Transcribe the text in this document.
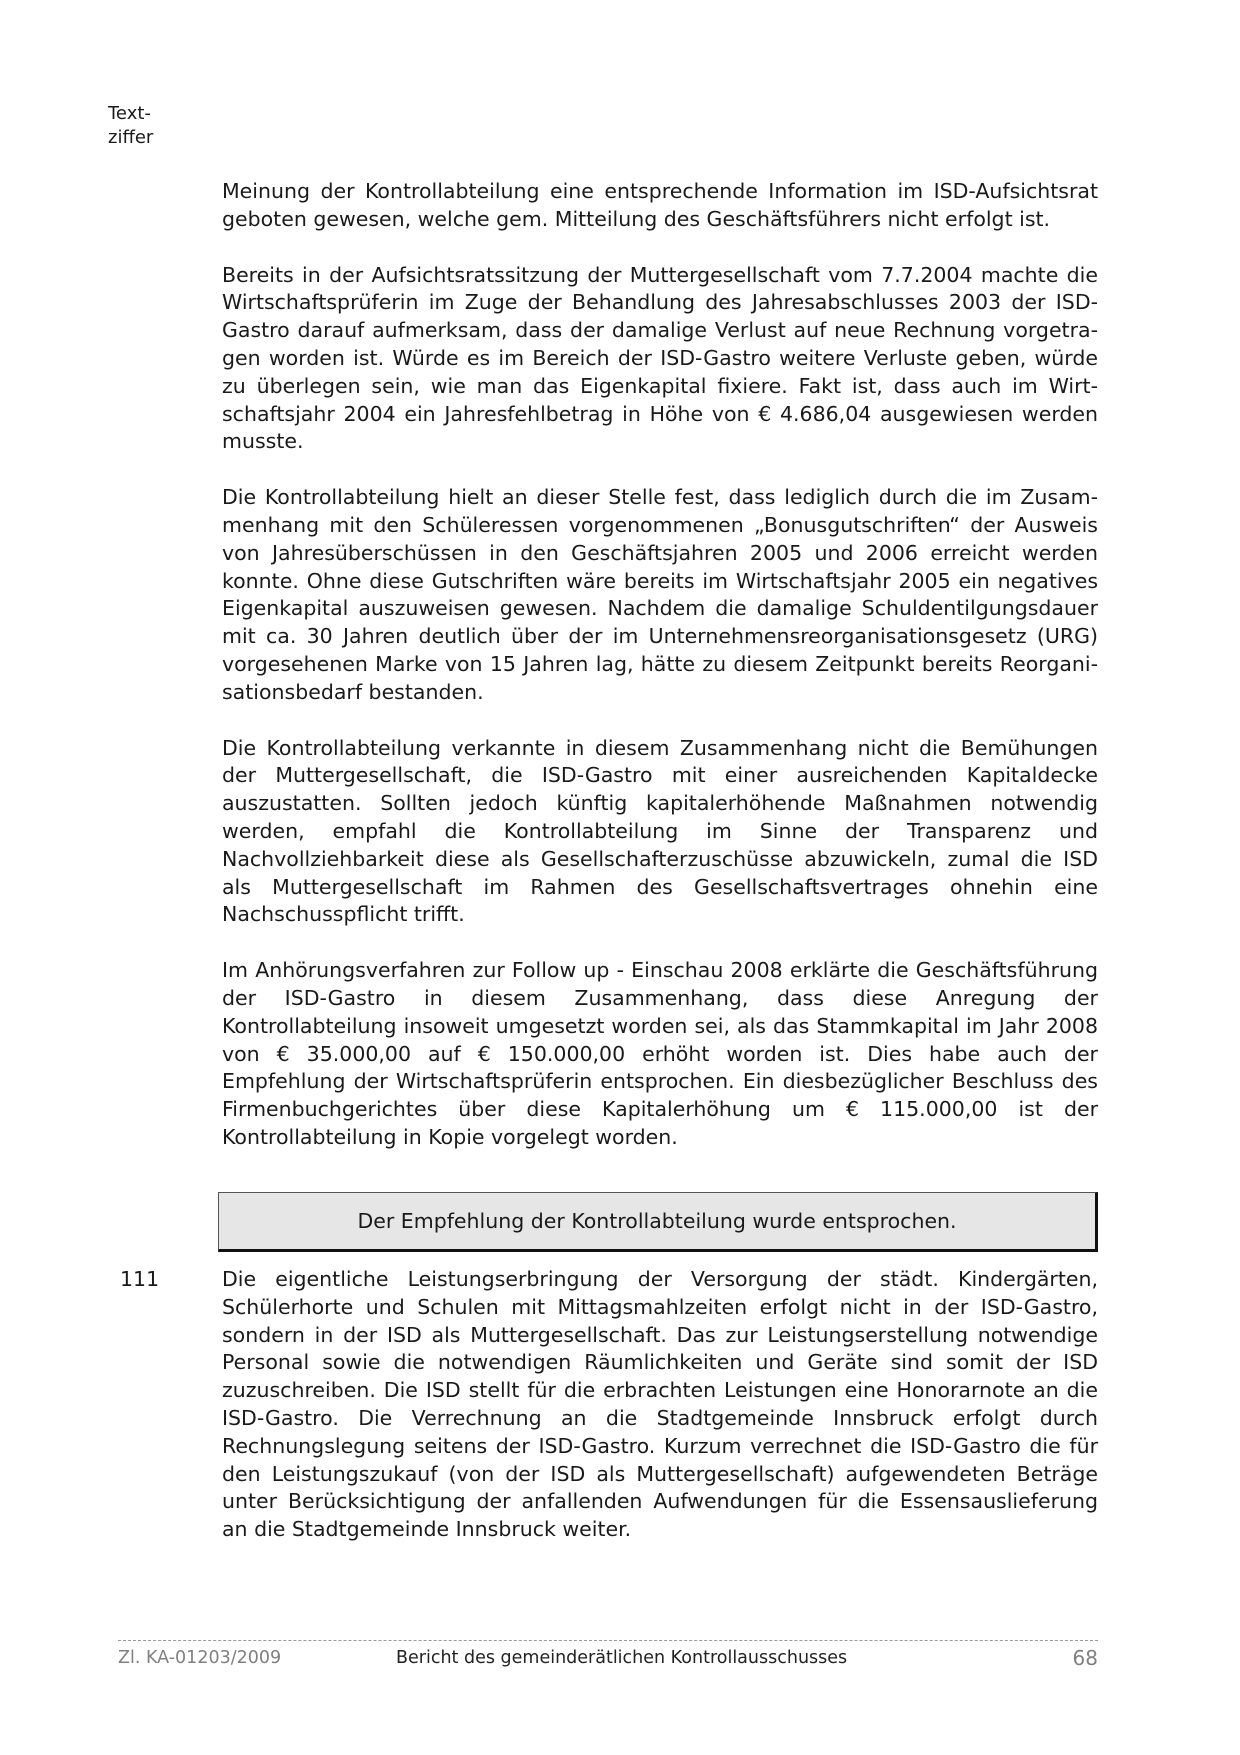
Text-
ziffer

Meinung der Kontrollabteilung eine entsprechende Information im ISD-Aufsichtsrat geboten gewesen, welche gem. Mitteilung des Geschäftsführers nicht erfolgt ist.

Bereits in der Aufsichtsratssitzung der Muttergesellschaft vom 7.7.2004 machte die Wirtschaftsprüferin im Zuge der Behandlung des Jahresabschlusses 2003 der ISD-Gastro darauf aufmerksam, dass der damalige Verlust auf neue Rechnung vorgetragen worden ist. Würde es im Bereich der ISD-Gastro weitere Verluste geben, würde zu überlegen sein, wie man das Eigenkapital fixiere. Fakt ist, dass auch im Wirtschaftsjahr 2004 ein Jahresfehlbetrag in Höhe von € 4.686,04 ausgewiesen werden musste.

Die Kontrollabteilung hielt an dieser Stelle fest, dass lediglich durch die im Zusammenhang mit den Schüleressen vorgenommenen „Bonusgutschriften“ der Ausweis von Jahresüberschüssen in den Geschäftsjahren 2005 und 2006 erreicht werden konnte. Ohne diese Gutschriften wäre bereits im Wirtschaftsjahr 2005 ein negatives Eigenkapital auszuweisen gewesen. Nachdem die damalige Schuldentilgungsdauer mit ca. 30 Jahren deutlich über der im Unternehmensreorganisationsgesetz (URG) vorgesehenen Marke von 15 Jahren lag, hätte zu diesem Zeitpunkt bereits Reorganisationsbedarf bestanden.

Die Kontrollabteilung verkannte in diesem Zusammenhang nicht die Bemühungen der Muttergesellschaft, die ISD-Gastro mit einer ausreichenden Kapitaldecke auszustatten. Sollten jedoch künftig kapitalerhöhende Maßnahmen notwendig werden, empfahl die Kontrollabteilung im Sinne der Transparenz und Nachvollziehbarkeit diese als Gesellschafterzuschüsse abzuwickeln, zumal die ISD als Muttergesellschaft im Rahmen des Gesellschaftsvertrages ohnehin eine Nachschusspflicht trifft.

Im Anhörungsverfahren zur Follow up - Einschau 2008 erklärte die Geschäftsführung der ISD-Gastro in diesem Zusammenhang, dass diese Anregung der Kontrollabteilung insoweit umgesetzt worden sei, als das Stammkapital im Jahr 2008 von € 35.000,00 auf € 150.000,00 erhöht worden ist. Dies habe auch der Empfehlung der Wirtschaftsprüferin entsprochen. Ein diesbezüglicher Beschluss des Firmenbuchgerichtes über diese Kapitalerhöhung um € 115.000,00 ist der Kontrollabteilung in Kopie vorgelegt worden.

Der Empfehlung der Kontrollabteilung wurde entsprochen.
111	Die eigentliche Leistungserbringung der Versorgung der städt. Kindergärten, Schülerhorte und Schulen mit Mittagsmahlzeiten erfolgt nicht in der ISD-Gastro, sondern in der ISD als Muttergesellschaft. Das zur Leistungserstellung notwendige Personal sowie die notwendigen Räumlichkeiten und Geräte sind somit der ISD zuzuschreiben. Die ISD stellt für die erbrachten Leistungen eine Honorarnote an die ISD-Gastro. Die Verrechnung an die Stadtgemeinde Innsbruck erfolgt durch Rechnungslegung seitens der ISD-Gastro. Kurzum verrechnet die ISD-Gastro die für den Leistungszukauf (von der ISD als Muttergesellschaft) aufgewendeten Beträge unter Berücksichtigung der anfallenden Aufwendungen für die Essensauslieferung an die Stadtgemeinde Innsbruck weiter.

Zl. KA-01203/2009	Bericht des gemeinderätlichen Kontrollausschusses	68
